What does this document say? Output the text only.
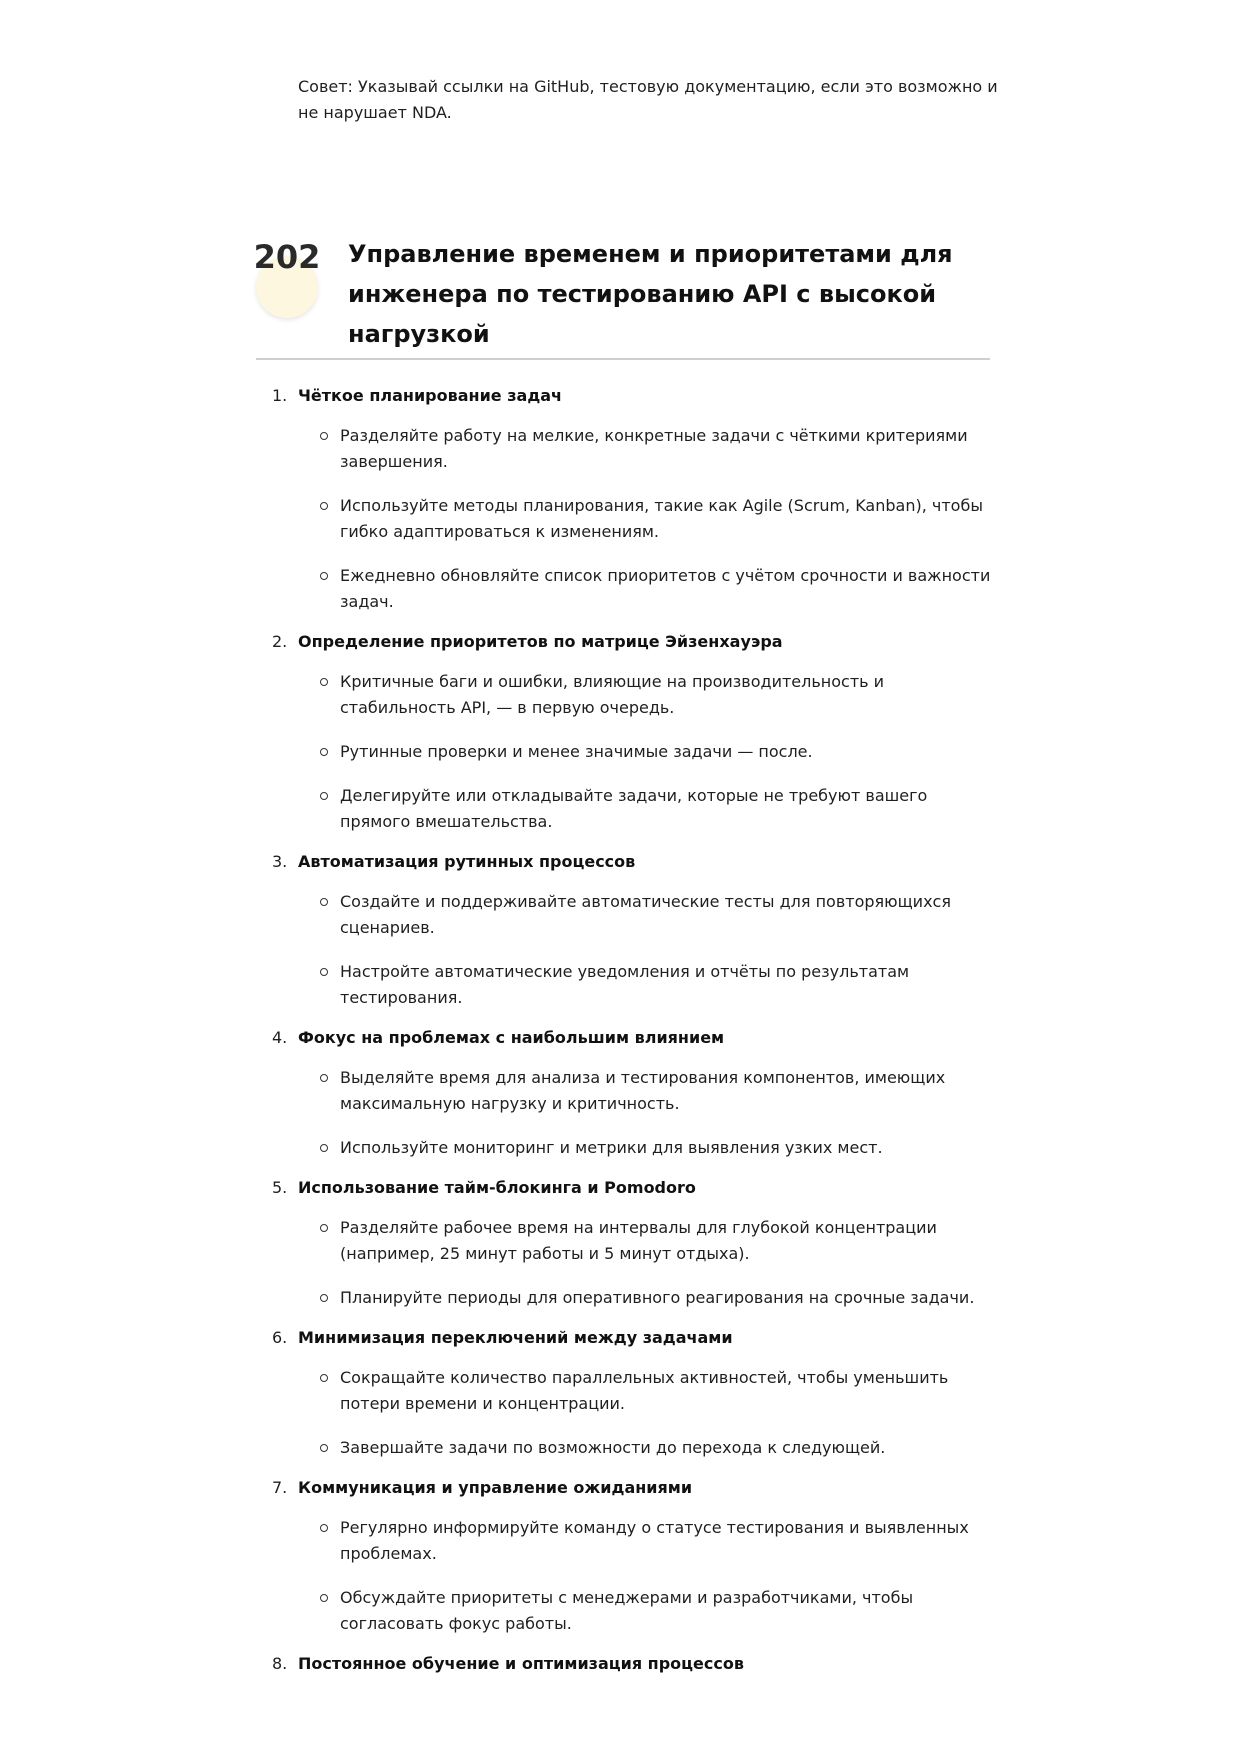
Совет: Указывай ссылки на GitHub, тестовую документацию, если это возможно и не нарушает NDA.

202 Управление временем и приоритетами для инженера по тестированию API с высокой нагрузкой
1. Чёткое планирование задач
Разделяйте работу на мелкие, конкретные задачи с чёткими критериями завершения.
Используйте методы планирования, такие как Agile (Scrum, Kanban), чтобы гибко адаптироваться к изменениям.
Ежедневно обновляйте список приоритетов с учётом срочности и важности задач.
2. Определение приоритетов по матрице Эйзенхауэра
Критичные баги и ошибки, влияющие на производительность и стабильность API, — в первую очередь.
Рутинные проверки и менее значимые задачи — после.
Делегируйте или откладывайте задачи, которые не требуют вашего прямого вмешательства.
3. Автоматизация рутинных процессов
Создайте и поддерживайте автоматические тесты для повторяющихся сценариев.
Настройте автоматические уведомления и отчёты по результатам тестирования.
4. Фокус на проблемах с наибольшим влиянием
Выделяйте время для анализа и тестирования компонентов, имеющих максимальную нагрузку и критичность.
Используйте мониторинг и метрики для выявления узких мест.
5. Использование тайм-блокинга и Pomodoro
Разделяйте рабочее время на интервалы для глубокой концентрации (например, 25 минут работы и 5 минут отдыха).
Планируйте периоды для оперативного реагирования на срочные задачи.
6. Минимизация переключений между задачами
Сокращайте количество параллельных активностей, чтобы уменьшить потери времени и концентрации.
Завершайте задачи по возможности до перехода к следующей.
7. Коммуникация и управление ожиданиями
Регулярно информируйте команду о статусе тестирования и выявленных проблемах.
Обсуждайте приоритеты с менеджерами и разработчиками, чтобы согласовать фокус работы.
8. Постоянное обучение и оптимизация процессов
